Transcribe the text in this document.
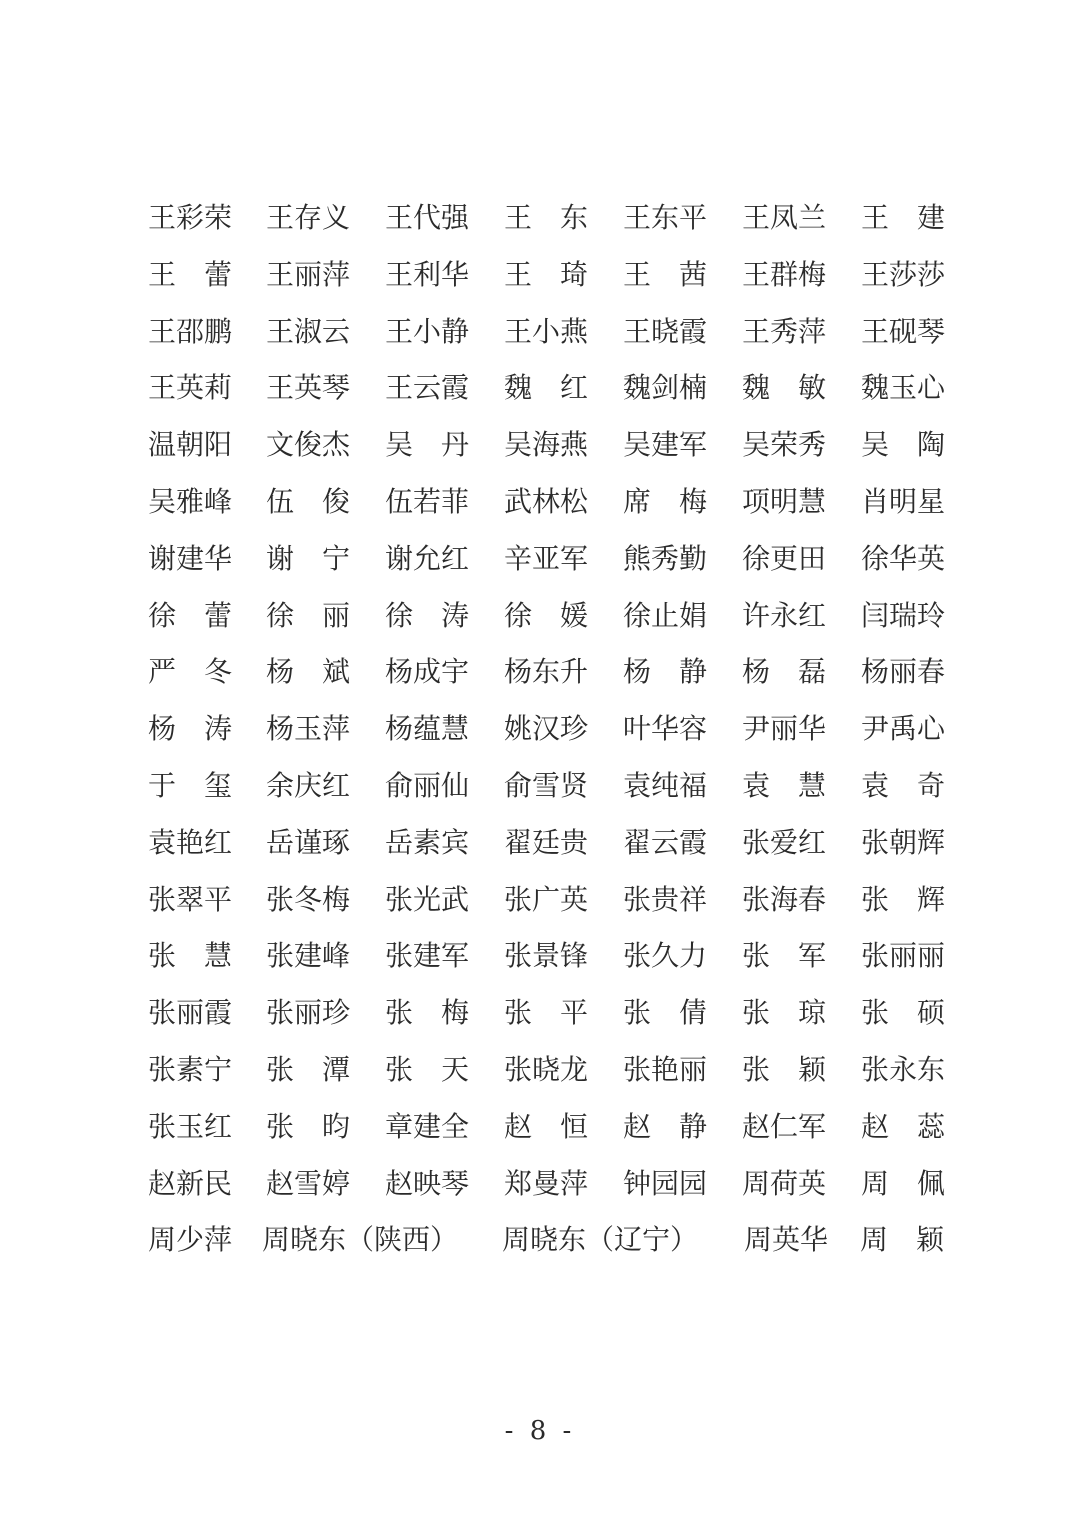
王 彩 荣 王 存 义 王 代 强 王 东 王 东 平 王 凤 兰 王 建
王 蕾 王 丽 萍 王 利 华 王 琦 王 茜 王 群 梅 王 莎 莎
王 邵 鹏 王 淑 云 王 小 静 王 小 燕 王 晓 霞 王 秀 萍 王 砚 琴
王 英 莉 王 英 琴 王 云 霞 魏 红 魏 剑 楠 魏 敏 魏 玉 心
温 朝 阳 文 俊 杰 吴 丹 吴 海 燕 吴 建 军 吴 荣 秀 吴 陶
吴 雅 峰 伍 俊 伍 若 菲 武 林 松 席 梅 项 明 慧 肖 明 星
谢 建 华 谢 宁 谢 允 红 辛 亚 军 熊 秀 勤 徐 更 田 徐 华 英
徐 蕾 徐 丽 徐 涛 徐 媛 徐 止 娟 许 永 红 闫 瑞 玲
严 冬 杨 斌 杨 成 宇 杨 东 升 杨 静 杨 磊 杨 丽 春
杨 涛 杨 玉 萍 杨 蕴 慧 姚 汉 珍 叶 华 容 尹 丽 华 尹 禹 心
于 玺 余 庆 红 俞 丽 仙 俞 雪 贤 袁 纯 福 袁 慧 袁 奇
袁 艳 红 岳 谨 琢 岳 素 宾 翟 廷 贵 翟 云 霞 张 爱 红 张 朝 辉
张 翠 平 张 冬 梅 张 光 武 张 广 英 张 贵 祥 张 海 春 张 辉
张 慧 张 建 峰 张 建 军 张 景 锋 张 久 力 张 军 张 丽 丽
张 丽 霞 张 丽 珍 张 梅 张 平 张 倩 张 琼 张 硕
张 素 宁 张 潭 张 天 张 晓 龙 张 艳 丽 张 颖 张 永 东
张 玉 红 张 昀 章 建 全 赵 恒 赵 静 赵 仁 军 赵 蕊
赵 新 民 赵 雪 婷 赵 映 琴 郑 曼 萍 钟 园 园 周 荷 英 周 佩
周 少 萍 周晓东（陕西） 周晓东（辽宁） 周 英 华 周 颖
- 8 -
